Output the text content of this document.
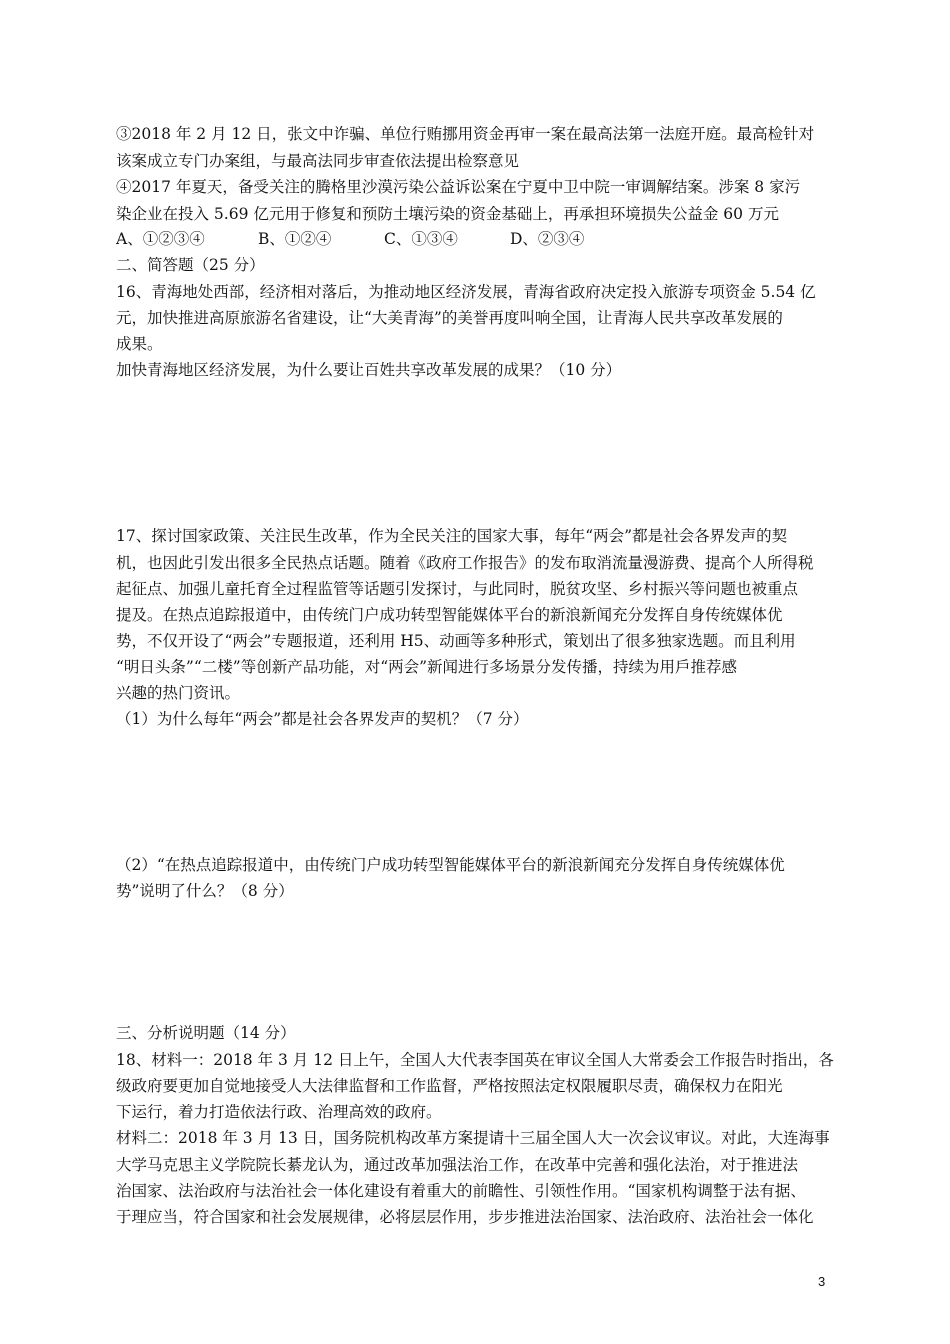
③2018 年 2 月 12 日，张文中诈骗、单位行贿挪用资金再审一案在最高法第一法庭开庭。最高检针对
该案成立专门办案组，与最高法同步审查依法提出检察意见
④2017 年夏天，备受关注的腾格里沙漠污染公益诉讼案在宁夏中卫中院一审调解结案。涉案 8 家污
染企业在投入 5.69 亿元用于修复和预防土壤污染的资金基础上，再承担环境损失公益金 60 万元
A、①②③④	B、①②④	C、①③④	D、②③④
二、简答题（25 分）
16、青海地处西部，经济相对落后，为推动地区经济发展，青海省政府决定投入旅游专项资金 5.54 亿
元，加快推进高原旅游名省建设，让“大美青海”的美誉再度叫响全国，让青海人民共享改革发展的
成果。
加快青海地区经济发展，为什么要让百姓共享改革发展的成果？（10 分）
17、探讨国家政策、关注民生改革，作为全民关注的国家大事，每年“两会”都是社会各界发声的契
机，也因此引发出很多全民热点话题。随着《政府工作报告》的发布取消流量漫游费、提高个人所得税
起征点、加强儿童托育全过程监管等话题引发探讨，与此同时，脱贫攻坚、乡村振兴等问题也被重点
提及。在热点追踪报道中，由传统门户成功转型智能媒体平台的新浪新闻充分发挥自身传统媒体优
势，不仅开设了“两会”专题报道，还利用 H5、动画等多种形式，策划出了很多独家选题。而且利用
“明日头条”“二楼”等创新产品功能，对“两会”新闻进行多场景分发传播，持续为用戶推荐感
兴趣的热门资讯。
（1）为什么每年“两会”都是社会各界发声的契机？（7 分）
（2）“在热点追踪报道中，由传统门户成功转型智能媒体平台的新浪新闻充分发挥自身传统媒体优
势”说明了什么？（8 分）
三、分析说明题（14 分）
18、材料一：2018 年 3 月 12 日上午，全国人大代表李国英在审议全国人大常委会工作报告时指出，各
级政府要更加自觉地接受人大法律监督和工作监督，严格按照法定权限履职尽责，确保权力在阳光
下运行，着力打造依法行政、治理高效的政府。
材料二：2018 年 3 月 13 日，国务院机构改革方案提请十三届全国人大一次会议审议。对此，大连海事
大学马克思主义学院院长綦龙认为，通过改革加强法治工作，在改革中完善和强化法治，对于推进法
治国家、法治政府与法治社会一体化建设有着重大的前瞻性、引领性作用。“国家机构调整于法有据、
于理应当，符合国家和社会发展规律，必将层层作用，步步推进法治国家、法治政府、法治社会一体化
3
